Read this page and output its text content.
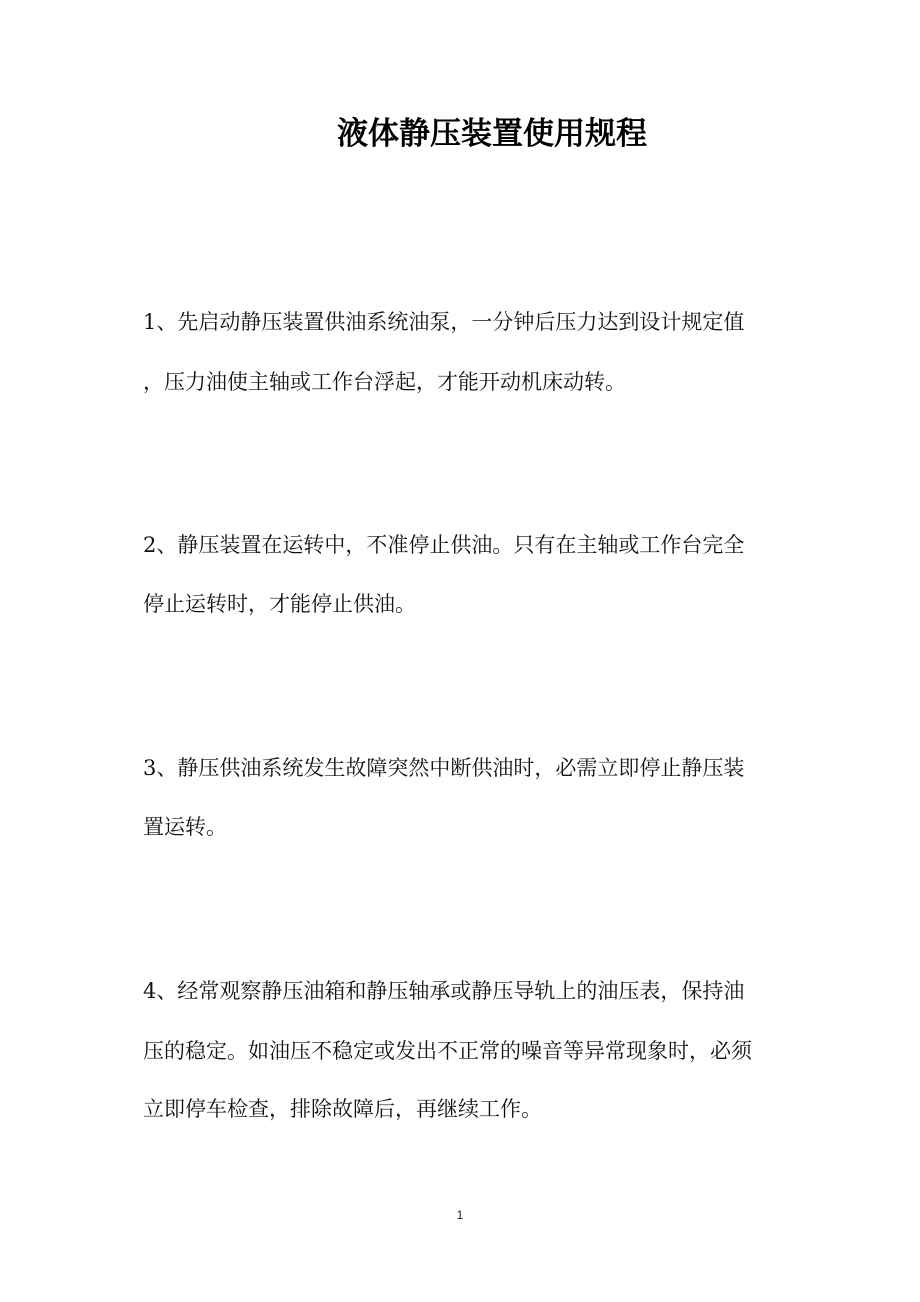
液体静压装置使用规程
1、先启动静压装置供油系统油泵，一分钟后压力达到设计规定值
，压力油使主轴或工作台浮起，才能开动机床动转。
2、静压装置在运转中，不准停止供油。只有在主轴或工作台完全
停止运转时，才能停止供油。
3、静压供油系统发生故障突然中断供油时，必需立即停止静压装
置运转。
4、经常观察静压油箱和静压轴承或静压导轨上的油压表，保持油
压的稳定。如油压不稳定或发出不正常的噪音等异常现象时，必须
立即停车检查，排除故障后，再继续工作。
1
